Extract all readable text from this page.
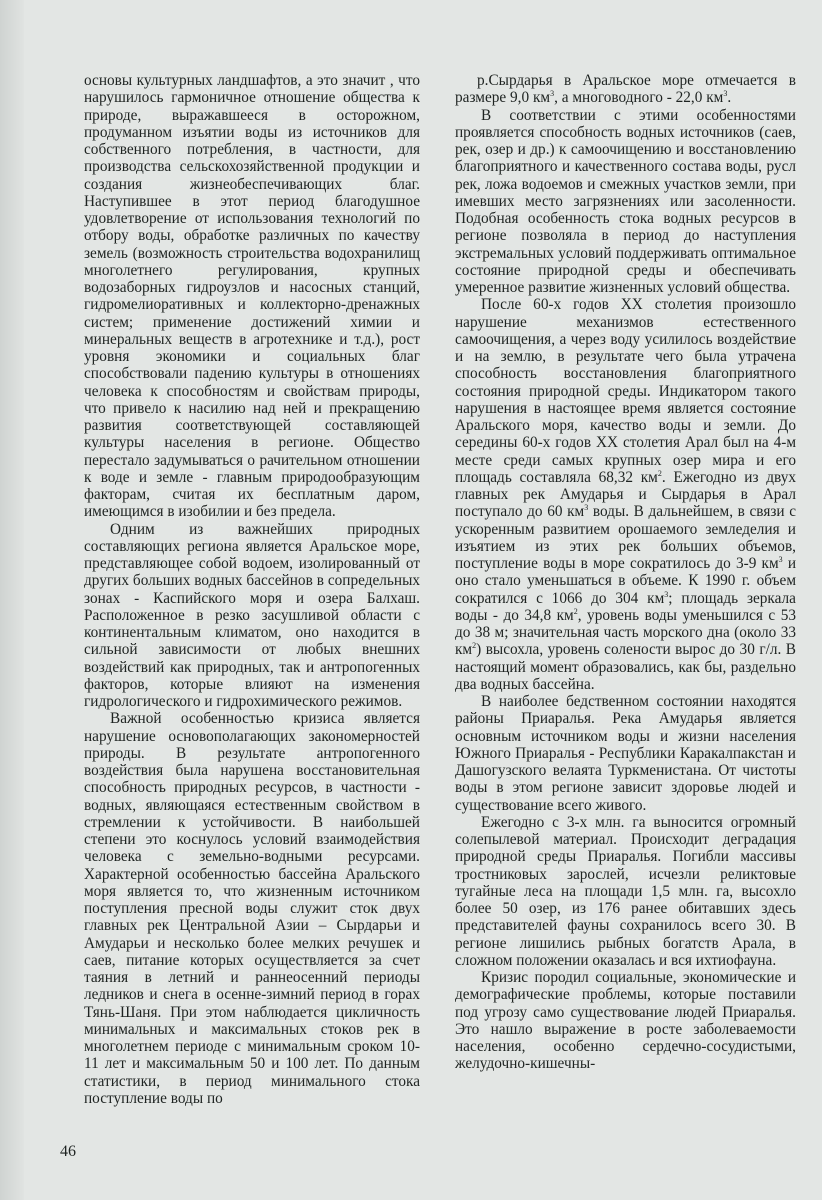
основы культурных ландшафтов, а это значит , что нарушилось гармоничное отношение общества к природе, выражавшееся в осторожном, продуманном изъятии воды из источников для собственного потребления, в частности, для производства сельскохозяйственной продукции и создания жизнеобеспечивающих благ. Наступившее в этот период благодушное удовлетворение от использования технологий по отбору воды, обработке различных по качеству земель (возможность строительства водохранилищ многолетнего регулирования, крупных водозаборных гидроузлов и насосных станций, гидромелиоративных и коллекторно-дренажных систем; применение достижений химии и минеральных веществ в агротехнике и т.д.), рост уровня экономики и социальных благ способствовали падению культуры в отношениях человека к способностям и свойствам природы, что привело к насилию над ней и прекращению развития соответствующей составляющей культуры населения в регионе. Общество перестало задумываться о рачительном отношении к воде и земле - главным природообразующим факторам, считая их бесплатным даром, имеющимся в изобилии и без предела.

Одним из важнейших природных составляющих региона является Аральское море, представляющее собой водоем, изолированный от других больших водных бассейнов в сопредельных зонах - Каспийского моря и озера Балхаш. Расположенное в резко засушливой области с континентальным климатом, оно находится в сильной зависимости от любых внешних воздействий как природных, так и антропогенных факторов, которые влияют на изменения гидрологического и гидрохимического режимов.

Важной особенностью кризиса является нарушение основополагающих закономерностей природы. В результате антропогенного воздействия была нарушена восстановительная способность природных ресурсов, в частности - водных, являющаяся естественным свойством в стремлении к устойчивости. В наибольшей степени это коснулось условий взаимодействия человека с земельно-водными ресурсами. Характерной особенностью бассейна Аральского моря является то, что жизненным источником поступления пресной воды служит сток двух главных рек Центральной Азии – Сырдарьи и Амударьи и несколько более мелких речушек и саев, питание которых осуществляется за счет таяния в летний и раннеосенний периоды ледников и снега в осенне-зимний период в горах Тянь-Шаня. При этом наблюдается цикличность минимальных и максимальных стоков рек в многолетнем периоде с минимальным сроком 10-11 лет и максимальным 50 и 100 лет. По данным статистики, в период минимального стока поступление воды по

р.Сырдарья в Аральское море отмечается в размере 9,0 $км^3$, а многоводного - 22,0 $км^3$.

В соответствии с этими особенностями проявляется способность водных источников (саев, рек, озер и др.) к самоочищению и восстановлению благоприятного и качественного состава воды, русл рек, ложа водоемов и смежных участков земли, при имевших место загрязнениях или засоленности. Подобная особенность стока водных ресурсов в регионе позволяла в период до наступления экстремальных условий поддерживать оптимальное состояние природной среды и обеспечивать умеренное развитие жизненных условий общества.

После 60-х годов XX столетия произошло нарушение механизмов естественного самоочищения, а через воду усилилось воздействие и на землю, в результате чего была утрачена способность восстановления благоприятного состояния природной среды. Индикатором такого нарушения в настоящее время является состояние Аральского моря, качество воды и земли. До середины 60-х годов XX столетия Арал был на 4-м месте среди самых крупных озер мира и его площадь составляла 68,32 $км^2$. Ежегодно из двух главных рек Амударья и Сырдарья в Арал поступало до 60 $км^3$ воды. В дальнейшем, в связи с ускоренным развитием орошаемого земледелия и изъятием из этих рек больших объемов, поступление воды в море сократилось до 3-9 $км^3$ и оно стало уменьшаться в объеме. К 1990 г. объем сократился с 1066 до 304 $км^3$; площадь зеркала воды - до 34,8 $км^2$, уровень воды уменьшился с 53 до 38 м; значительная часть морского дна (около 33 $км^2$) высохла, уровень солености вырос до 30 г/л. В настоящий момент образовались, как бы, раздельно два водных бассейна.

В наиболее бедственном состоянии находятся районы Приаралья. Река Амударья является основным источником воды и жизни населения Южного Приаралья - Республики Каракалпакстан и Дашогузского велаята Туркменистана. От чистоты воды в этом регионе зависит здоровье людей и существование всего живого.

Ежегодно с 3-х млн. га выносится огромный солепылевой материал. Происходит деградация природной среды Приаралья. Погибли массивы тростниковых зарослей, исчезли реликтовые тугайные леса на площади 1,5 млн. га, высохло более 50 озер, из 176 ранее обитавших здесь представителей фауны сохранилось всего 30. В регионе лишились рыбных богатств Арала, в сложном положении оказалась и вся ихтиофауна.

Кризис породил социальные, экономические и демографические проблемы, которые поставили под угрозу само существование людей Приаралья. Это нашло выражение в росте заболеваемости населения, особенно сердечно-сосудистыми, желудочно-кишечны-

46
